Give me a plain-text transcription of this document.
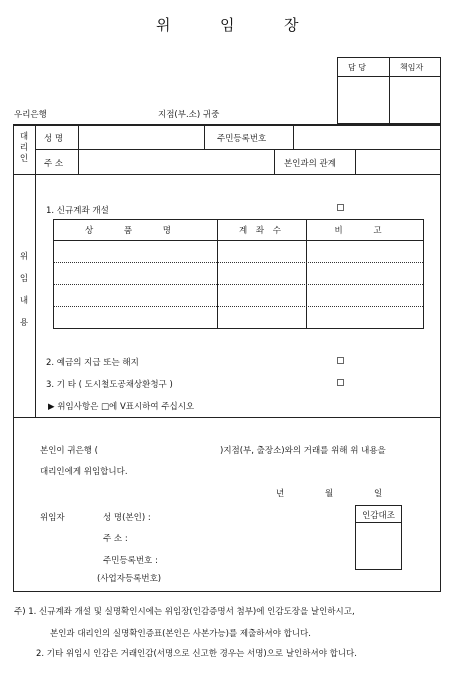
위	임	장
담 당	책임자
우리은행	지점(부.소) 귀중
대
리
인
성 명	주민등록번호
주 소	본인과의 관계
위
임
내
용
1. 신규계좌 개설
상 품 명	계 좌 수	비 고
2. 예금의 지급 또는 해지
3. 기 타 ( 도시철도공채상환청구 )
▶ 위임사항은 □에 V표시하여 주십시오
본인이 귀은행 (	)지점(부, 출장소)와의 거래를 위해 위 내용을
대리인에게 위임합니다.
년	월	일
위임자	성 명(본인) :
주 소 :
주민등록번호 :
(사업자등록번호)
인감대조
주) 1. 신규계좌 개설 및 실명확인시에는 위임장(인감증명서 첨부)에 인감도장을 날인하시고,
본인과 대리인의 실명확인증표(본인은 사본가능)를 제출하셔야 합니다.
2. 기타 위임시 인감은 거래인감(서명으로 신고한 경우는 서명)으로 날인하셔야 합니다.
